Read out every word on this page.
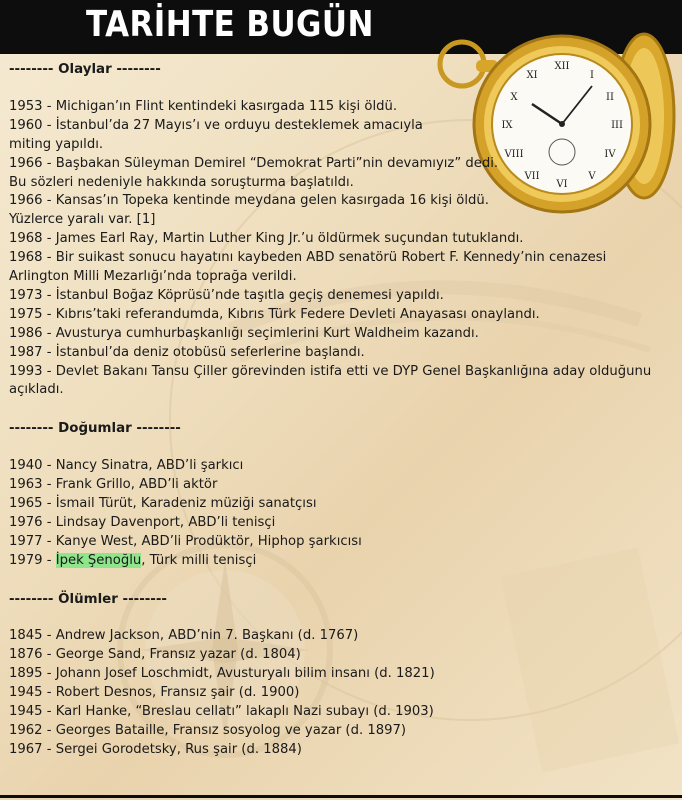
TARİHTE BUGÜN
XII
III
VI
IX
I
II
IV
V
VII
VIII
X
XI
-------- Olaylar --------
1953 - Michigan’ın Flint kentindeki kasırgada 115 kişi öldü.
1960 - İstanbul’da 27 Mayıs’ı ve orduyu desteklemek amacıyla miting yapıldı.
1966 - Başbakan Süleyman Demirel “Demokrat Parti”nin devamıyız” dedi. Bu sözleri nedeniyle hakkında soruşturma başlatıldı.
1966 - Kansas’ın Topeka kentinde meydana gelen kasırgada 16 kişi öldü. Yüzlerce yaralı var. [1]
1968 - James Earl Ray, Martin Luther King Jr.’u öldürmek suçundan tutuklandı.
1968 - Bir suikast sonucu hayatını kaybeden ABD senatörü Robert F. Kennedy’nin cenazesi Arlington Milli Mezarlığı’nda toprağa verildi.
1973 - İstanbul Boğaz Köprüsü’nde taşıtla geçiş denemesi yapıldı.
1975 - Kıbrıs’taki referandumda, Kıbrıs Türk Federe Devleti Anayasası onaylandı.
1986 - Avusturya cumhurbaşkanlığı seçimlerini Kurt Waldheim kazandı.
1987 - İstanbul’da deniz otobüsü seferlerine başlandı.
1993 - Devlet Bakanı Tansu Çiller görevinden istifa etti ve DYP Genel Başkanlığına aday olduğunu açıkladı.
-------- Doğumlar --------
1940 - Nancy Sinatra, ABD’li şarkıcı
1963 - Frank Grillo, ABD’li aktör
1965 - İsmail Türüt, Karadeniz müziği sanatçısı
1976 - Lindsay Davenport, ABD’li tenisçi
1977 - Kanye West, ABD’li Prodüktör, Hiphop şarkıcısı
1979 - İpek Şenoğlu, Türk milli tenisçi
-------- Ölümler --------
1845 - Andrew Jackson, ABD’nin 7. Başkanı (d. 1767)
1876 - George Sand, Fransız yazar (d. 1804)
1895 - Johann Josef Loschmidt, Avusturyalı bilim insanı (d. 1821)
1945 - Robert Desnos, Fransız şair (d. 1900)
1945 - Karl Hanke, “Breslau cellatı” lakaplı Nazi subayı (d. 1903)
1962 - Georges Bataille, Fransız sosyolog ve yazar (d. 1897)
1967 - Sergei Gorodetsky, Rus şair (d. 1884)
